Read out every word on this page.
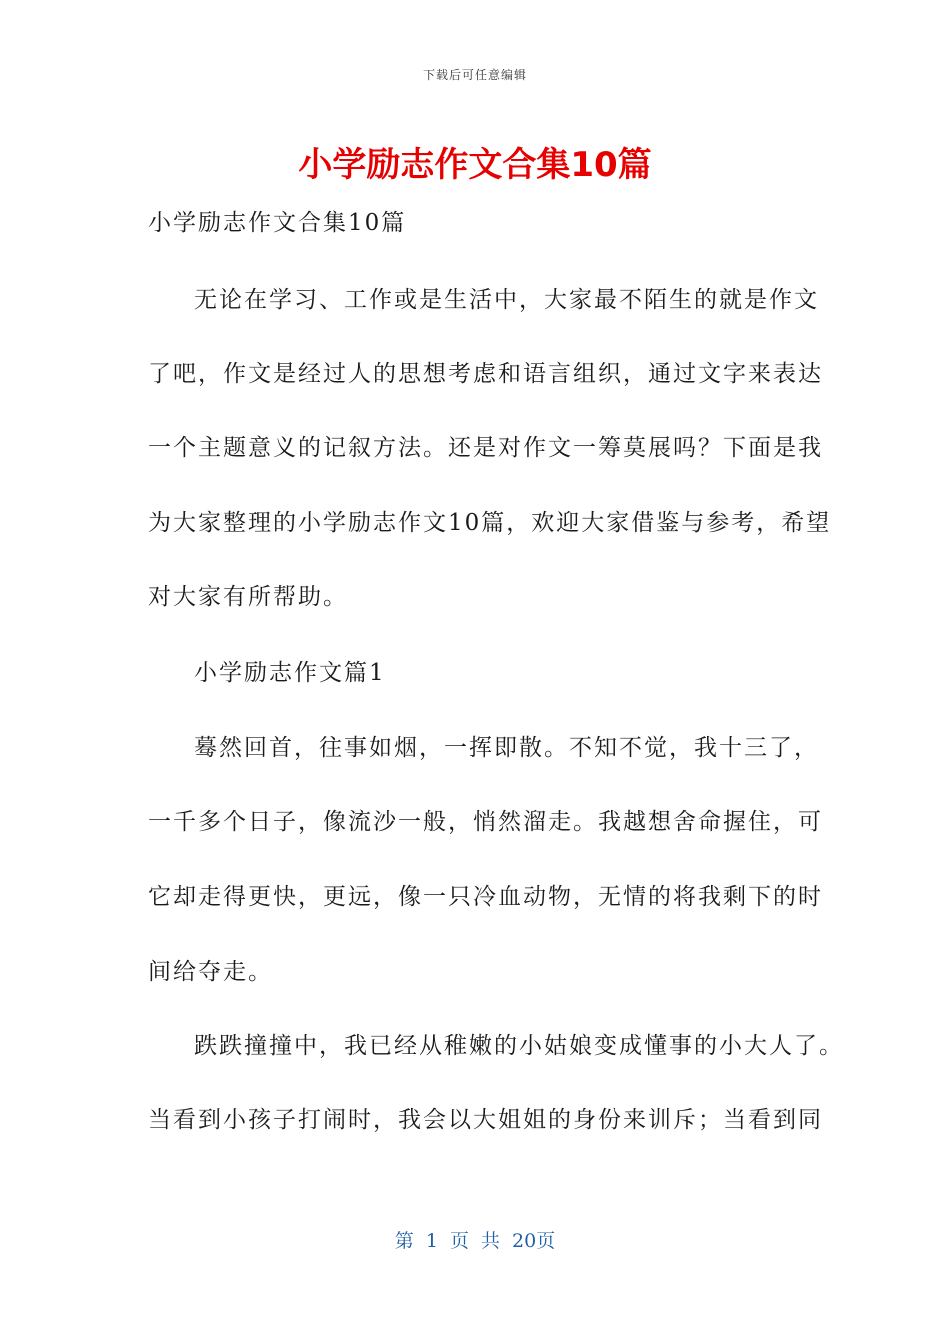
下载后可任意编辑
小学励志作文合集10篇

小学励志作文合集10篇

无论在学习、工作或是生活中，大家最不陌生的就是作文

了吧，作文是经过人的思想考虑和语言组织，通过文字来表达

一个主题意义的记叙方法。还是对作文一筹莫展吗？下面是我

为大家整理的小学励志作文10篇，欢迎大家借鉴与参考，希望

对大家有所帮助。

小学励志作文篇1

蓦然回首，往事如烟，一挥即散。不知不觉，我十三了，

一千多个日子，像流沙一般，悄然溜走。我越想舍命握住，可

它却走得更快，更远，像一只冷血动物，无情的将我剩下的时

间给夺走。

跌跌撞撞中，我已经从稚嫩的小姑娘变成懂事的小大人了。

当看到小孩子打闹时，我会以大姐姐的身份来训斥；当看到同

第 1 页 共 20页
